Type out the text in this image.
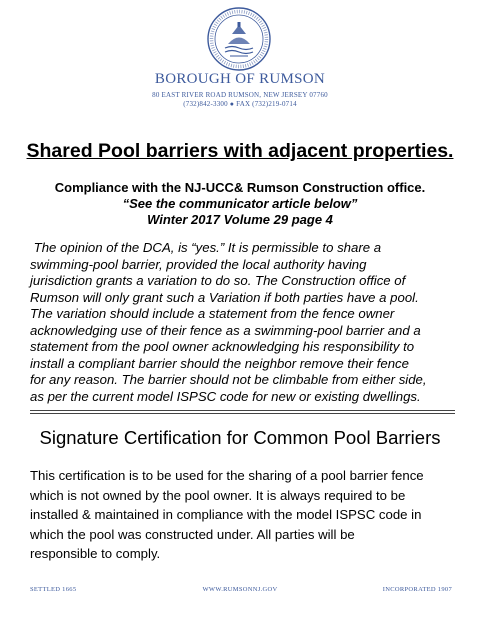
BOROUGH OF RUMSON
80 EAST RIVER ROAD RUMSON, NEW JERSEY 07760
(732)842-3300 ● FAX (732)219-0714
Shared Pool barriers with adjacent properties.
Compliance with the NJ-UCC& Rumson Construction office.
“See the communicator article below”
Winter 2017 Volume 29 page 4
The opinion of the DCA, is “yes.” It is permissible to share a
swimming-pool barrier, provided the local authority having
jurisdiction grants a variation to do so. The Construction office of
Rumson will only grant such a Variation if both parties have a pool.
The variation should include a statement from the fence owner
acknowledging use of their fence as a swimming-pool barrier and a
statement from the pool owner acknowledging his responsibility to
install a compliant barrier should the neighbor remove their fence
for any reason. The barrier should not be climbable from either side,
as per the current model ISPSC code for new or existing dwellings.
Signature Certification for Common Pool Barriers
This certification is to be used for the sharing of a pool barrier fence
which is not owned by the pool owner. It is always required to be
installed & maintained in compliance with the model ISPSC code in
which the pool was constructed under. All parties will be
responsible to comply.
SETTLED 1665	WWW.RUMSONNJ.GOV	INCORPORATED 1907
